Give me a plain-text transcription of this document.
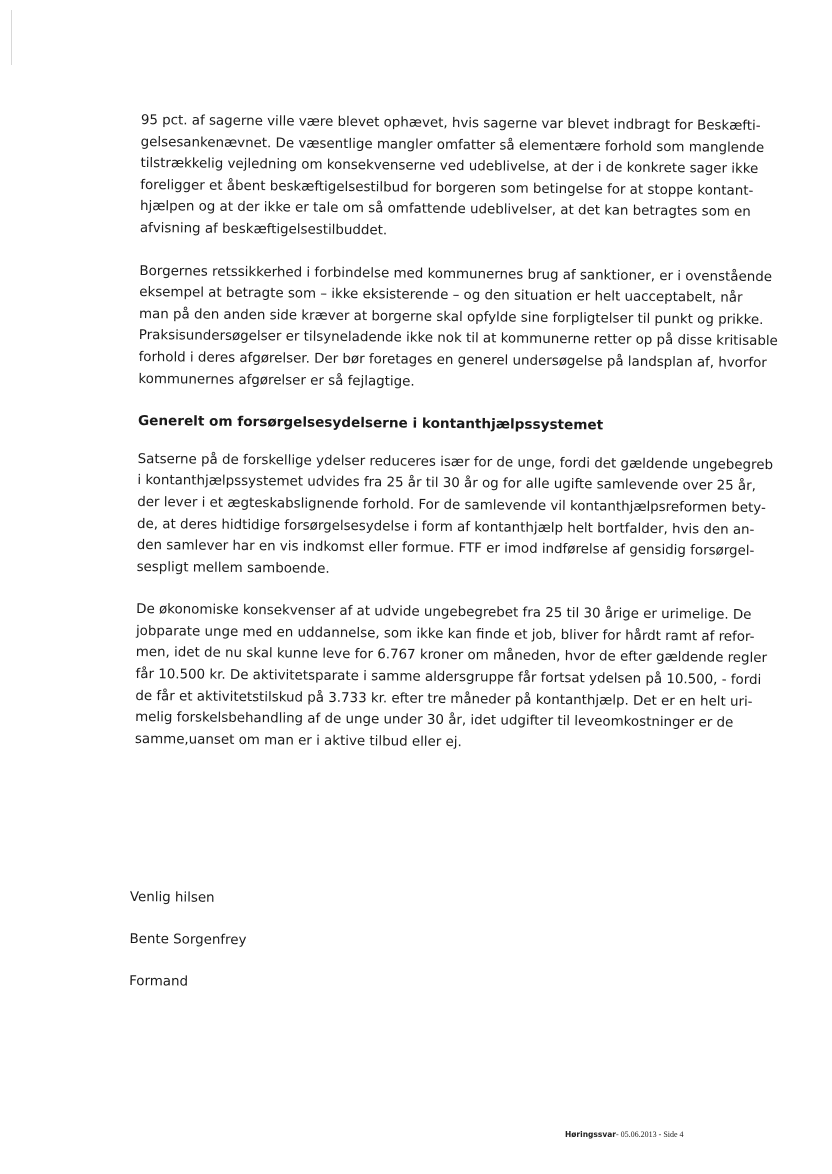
95 pct. af sagerne ville være blevet ophævet, hvis sagerne var blevet indbragt for Beskæfti-
gelsesankenævnet. De væsentlige mangler omfatter så elementære forhold som manglende
tilstrækkelig vejledning om konsekvenserne ved udeblivelse, at der i de konkrete sager ikke
foreligger et åbent beskæftigelsestilbud for borgeren som betingelse for at stoppe kontant-
hjælpen og at der ikke er tale om så omfattende udeblivelser, at det kan betragtes som en
afvisning af beskæftigelsestilbuddet.
Borgernes retssikkerhed i forbindelse med kommunernes brug af sanktioner, er i ovenstående
eksempel at betragte som – ikke eksisterende – og den situation er helt uacceptabelt, når
man på den anden side kræver at borgerne skal opfylde sine forpligtelser til punkt og prikke.
Praksisundersøgelser er tilsyneladende ikke nok til at kommunerne retter op på disse kritisable
forhold i deres afgørelser. Der bør foretages en generel undersøgelse på landsplan af, hvorfor
kommunernes afgørelser er så fejlagtige.
Generelt om forsørgelsesydelserne i kontanthjælpssystemet
Satserne på de forskellige ydelser reduceres især for de unge, fordi det gældende ungebegreb
i kontanthjælpssystemet udvides fra 25 år til 30 år og for alle ugifte samlevende over 25 år,
der lever i et ægteskabslignende forhold. For de samlevende vil kontanthjælpsreformen bety-
de, at deres hidtidige forsørgelsesydelse i form af kontanthjælp helt bortfalder, hvis den an-
den samlever har en vis indkomst eller formue. FTF er imod indførelse af gensidig forsørgel-
sespligt mellem samboende.
De økonomiske konsekvenser af at udvide ungebegrebet fra 25 til 30 årige er urimelige. De
jobparate unge med en uddannelse, som ikke kan finde et job, bliver for hårdt ramt af refor-
men, idet de nu skal kunne leve for 6.767 kroner om måneden, hvor de efter gældende regler
får 10.500 kr. De aktivitetsparate i samme aldersgruppe får fortsat ydelsen på 10.500, - fordi
de får et aktivitetstilskud på 3.733 kr. efter tre måneder på kontanthjælp. Det er en helt uri-
melig forskelsbehandling af de unge under 30 år, idet udgifter til leveomkostninger er de
samme,uanset om man er i aktive tilbud eller ej.
Venlig hilsen
Bente Sorgenfrey
Formand
Høringssvar- 05.06.2013 - Side 4
